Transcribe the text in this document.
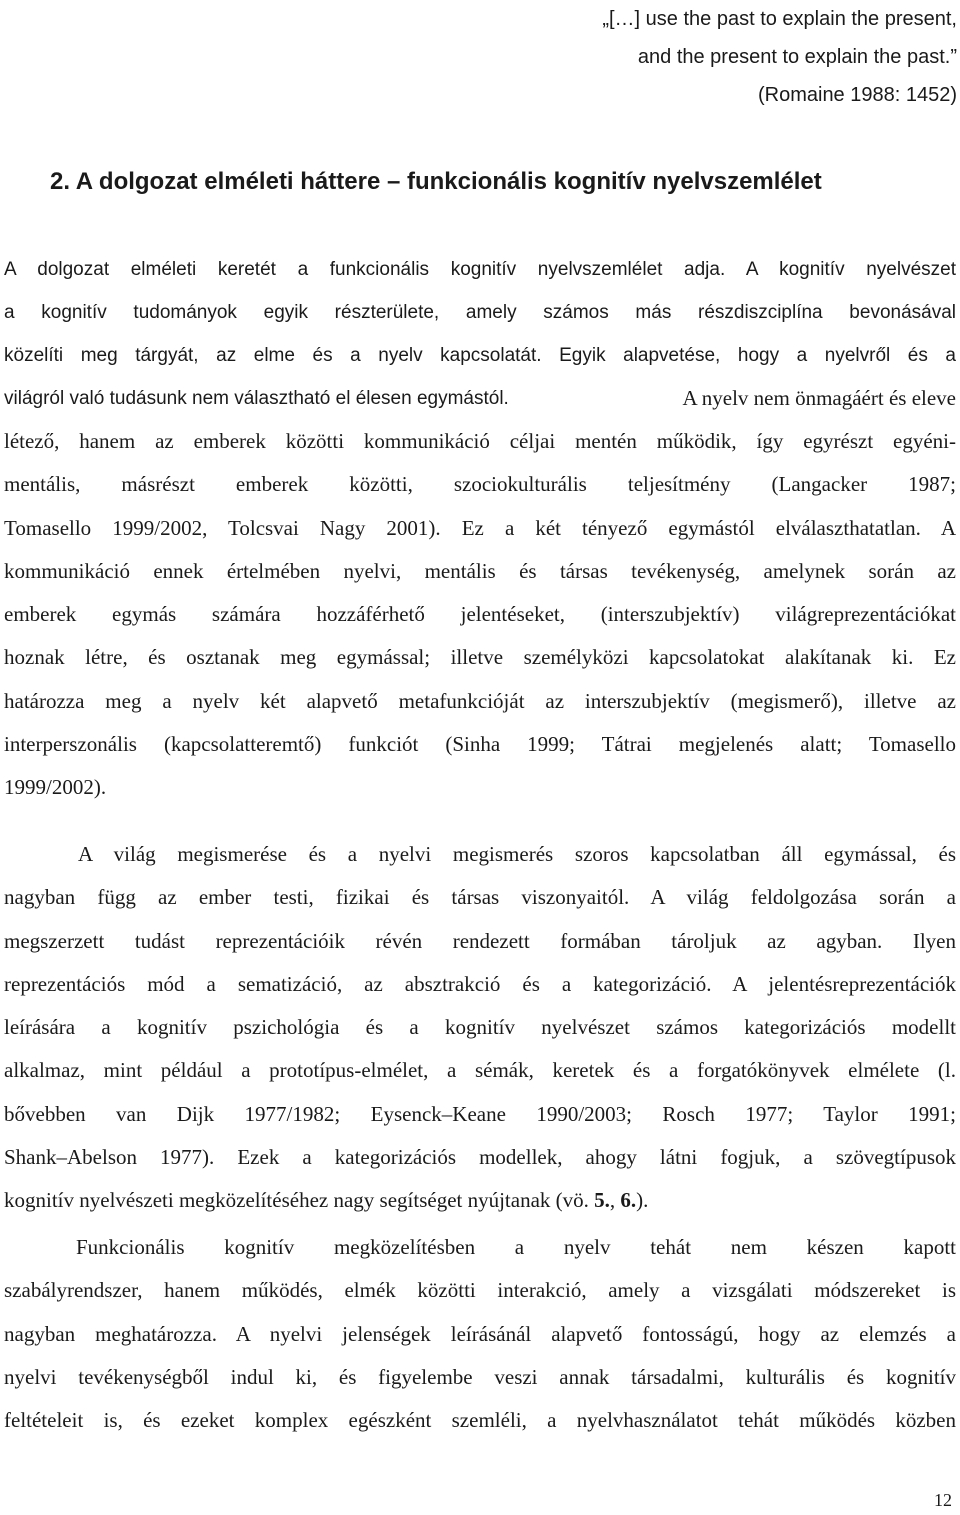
„[…] use the past to explain the present,
and the present to explain the past.”
(Romaine 1988: 1452)
2. A dolgozat elméleti háttere – funkcionális kognitív nyelvszemlélet
A dolgozat elméleti keretét a funkcionális kognitív nyelvszemlélet adja. A kognitív nyelvészet
a kognitív tudományok egyik részterülete, amely számos más részdiszciplína bevonásával
közelíti meg tárgyát, az elme és a nyelv kapcsolatát. Egyik alapvetése, hogy a nyelvről és a
világról való tudásunk nem választható el élesen egymástól.	A nyelv nem önmagáért és eleve
létező, hanem az emberek közötti kommunikáció céljai mentén működik, így egyrészt egyéni-
mentális, másrészt emberek közötti, szociokulturális teljesítmény (Langacker 1987;
Tomasello 1999/2002, Tolcsvai Nagy 2001). Ez a két tényező egymástól elválaszthatatlan. A
kommunikáció ennek értelmében nyelvi, mentális és társas tevékenység, amelynek során az
emberek egymás számára hozzáférhető jelentéseket, (interszubjektív) világreprezentációkat
hoznak létre, és osztanak meg egymással; illetve személyközi kapcsolatokat alakítanak ki. Ez
határozza meg a nyelv két alapvető metafunkcióját az interszubjektív (megismerő), illetve az
interperszonális (kapcsolatteremtő) funkciót (Sinha 1999; Tátrai megjelenés alatt; Tomasello
1999/2002).
A világ megismerése és a nyelvi megismerés szoros kapcsolatban áll egymással, és
nagyban függ az ember testi, fizikai és társas viszonyaitól. A világ feldolgozása során a
megszerzett tudást reprezentációik révén rendezett formában tároljuk az agyban. Ilyen
reprezentációs mód a sematizáció, az absztrakció és a kategorizáció. A jelentésreprezentációk
leírására a kognitív pszichológia és a kognitív nyelvészet számos kategorizációs modellt
alkalmaz, mint például a prototípus-elmélet, a sémák, keretek és a forgatókönyvek elmélete (l.
bővebben van Dijk 1977/1982; Eysenck–Keane 1990/2003; Rosch 1977; Taylor 1991;
Shank–Abelson 1977). Ezek a kategorizációs modellek, ahogy látni fogjuk, a szövegtípusok
kognitív nyelvészeti megközelítéséhez nagy segítséget nyújtanak (vö. 5., 6.).
Funkcionális kognitív megközelítésben a nyelv tehát nem készen kapott
szabályrendszer, hanem működés, elmék közötti interakció, amely a vizsgálati módszereket is
nagyban meghatározza. A nyelvi jelenségek leírásánál alapvető fontosságú, hogy az elemzés a
nyelvi tevékenységből indul ki, és figyelembe veszi annak társadalmi, kulturális és kognitív
feltételeit is, és ezeket komplex egészként szemléli, a nyelvhasználatot tehát működés közben
12
